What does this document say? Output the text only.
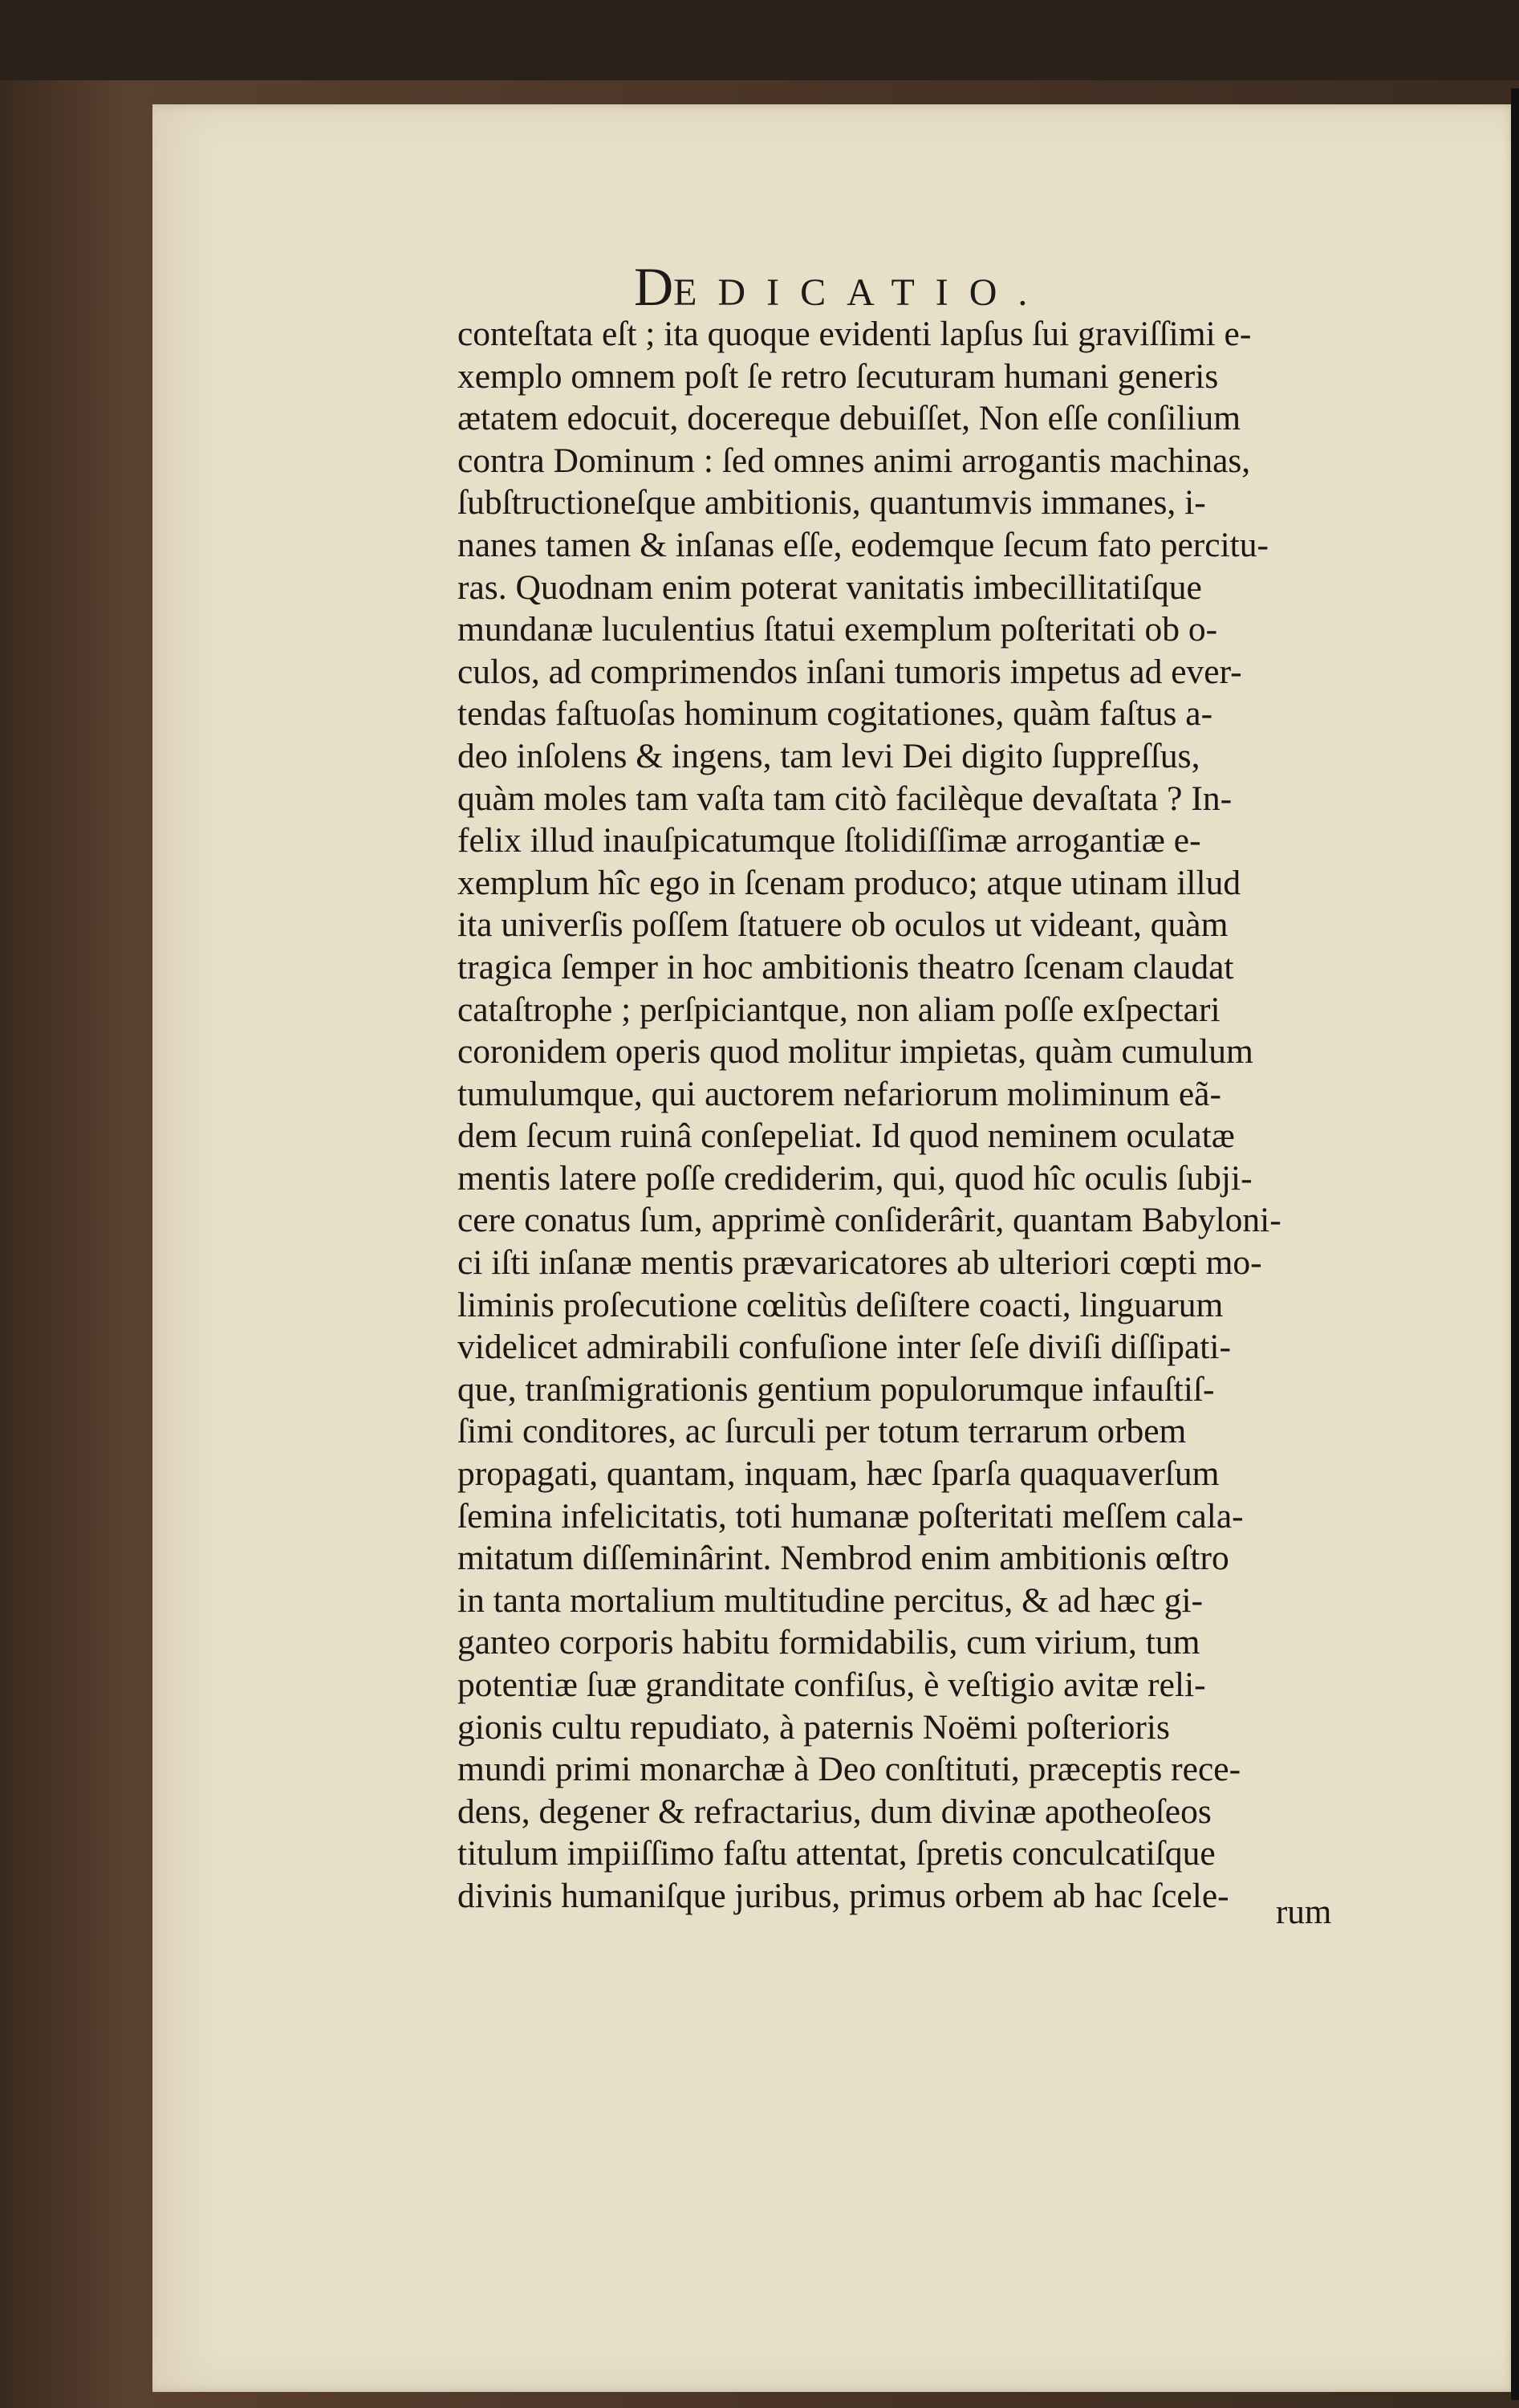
DEDICATIO.
conteſtata eſt ; ita quoque evidenti lapſus ſui graviſſimi e-
xemplo omnem poſt ſe retro ſecuturam humani generis
ætatem edocuit, docereque debuiſſet, Non eſſe conſilium
contra Dominum : ſed omnes animi arrogantis machinas,
ſubſtructioneſque ambitionis, quantumvis immanes, i-
nanes tamen & inſanas eſſe, eodemque ſecum fato percitu-
ras. Quodnam enim poterat vanitatis imbecillitatiſque
mundanæ luculentius ſtatui exemplum poſteritati ob o-
culos, ad comprimendos inſani tumoris impetus ad ever-
tendas faſtuoſas hominum cogitationes, quàm faſtus a-
deo inſolens & ingens, tam levi Dei digito ſuppreſſus,
quàm moles tam vaſta tam citò facilèque devaſtata ? In-
felix illud inauſpicatumque ſtolidiſſimæ arrogantiæ e-
xemplum hîc ego in ſcenam produco; atque utinam illud
ita univerſis poſſem ſtatuere ob oculos ut videant, quàm
tragica ſemper in hoc ambitionis theatro ſcenam claudat
cataſtrophe ; perſpiciantque, non aliam poſſe exſpectari
coronidem operis quod molitur impietas, quàm cumulum
tumulumque, qui auctorem nefariorum moliminum eã-
dem ſecum ruinâ conſepeliat. Id quod neminem oculatæ
mentis latere poſſe crediderim, qui, quod hîc oculis ſubji-
cere conatus ſum, apprimè conſiderârit, quantam Babyloni-
ci iſti inſanæ mentis prævaricatores ab ulteriori cœpti mo-
liminis proſecutione cœlitùs deſiſtere coacti, linguarum
videlicet admirabili confuſione inter ſeſe diviſi diſſipati-
que, tranſmigrationis gentium populorumque infauſtiſ-
ſimi conditores, ac ſurculi per totum terrarum orbem
propagati, quantam, inquam, hæc ſparſa quaquaverſum
ſemina infelicitatis, toti humanæ poſteritati meſſem cala-
mitatum diſſeminârint. Nembrod enim ambitionis œſtro
in tanta mortalium multitudine percitus, & ad hæc gi-
ganteo corporis habitu formidabilis, cum virium, tum
potentiæ ſuæ granditate confiſus, è veſtigio avitæ reli-
gionis cultu repudiato, à paternis Noëmi poſterioris
mundi primi monarchæ à Deo conſtituti, præceptis rece-
dens, degener & refractarius, dum divinæ apotheoſeos
titulum impiiſſimo faſtu attentat, ſpretis conculcatiſque
divinis humaniſque juribus, primus orbem ab hac ſcele-	rum
